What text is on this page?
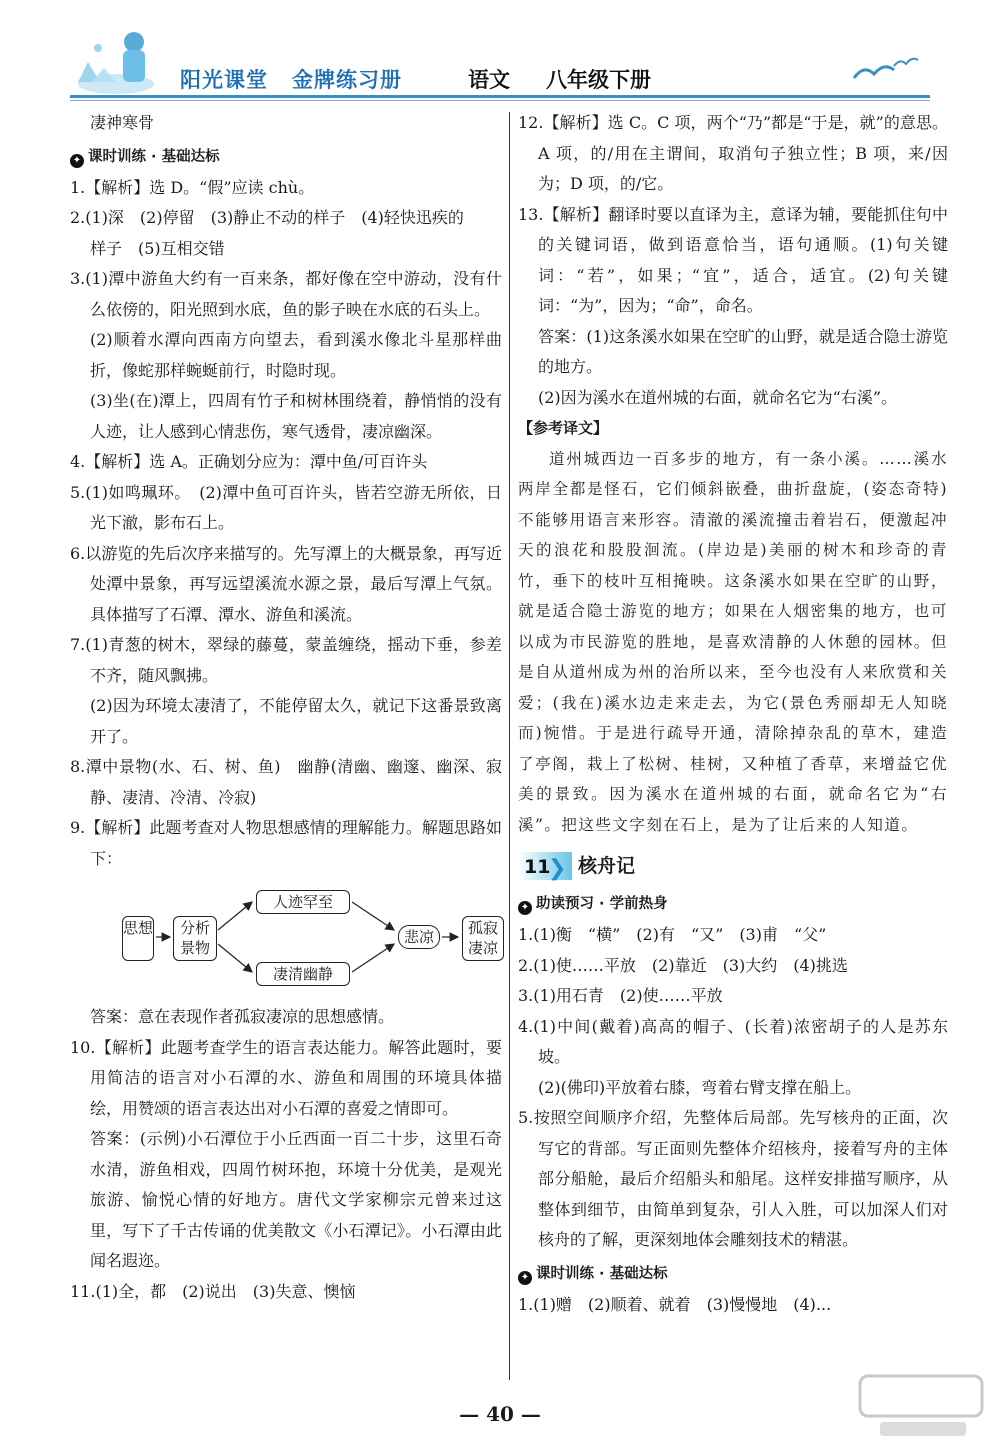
阳光课堂 金牌练习册	语文 八年级下册

凄神寒骨

✦ 课时训练 · 基础达标

1.【解析】选 D。“假”应读 chù。

2.(1)深　(2)停留　(3)静止不动的样子　(4)轻快迅疾的

样子　(5)互相交错

3.(1)潭中游鱼大约有一百来条，都好像在空中游动，没有什么依傍的，阳光照到水底，鱼的影子映在水底的石头上。

(2)顺着水潭向西南方向望去，看到溪水像北斗星那样曲折，像蛇那样蜿蜒前行，时隐时现。

(3)坐(在)潭上，四周有竹子和树林围绕着，静悄悄的没有人迹，让人感到心情悲伤，寒气透骨，凄凉幽深。

4.【解析】选 A。正确划分应为：潭中鱼/可百许头

5.(1)如鸣珮环。　(2)潭中鱼可百许头，皆若空游无所依，日光下澈，影布石上。

6.以游览的先后次序来描写的。先写潭上的大概景象，再写近处潭中景象，再写远望溪流水源之景，最后写潭上气氛。具体描写了石潭、潭水、游鱼和溪流。

7.(1)青葱的树木，翠绿的藤蔓，蒙盖缠绕，摇动下垂，参差不齐，随风飘拂。

(2)因为环境太凄清了，不能停留太久，就记下这番景致离开了。

8.潭中景物(水、石、树、鱼)　幽静(清幽、幽邃、幽深、寂静、凄清、冷清、冷寂)

9.【解析】此题考查对人物思想感情的理解能力。解题思路如下：

思想	分析景物
人迹罕至
凄清幽静
悲凉	孤寂凄凉

答案：意在表现作者孤寂凄凉的思想感情。

10.【解析】此题考查学生的语言表达能力。解答此题时，要用简洁的语言对小石潭的水、游鱼和周围的环境具体描绘，用赞颂的语言表达出对小石潭的喜爱之情即可。

答案：(示例)小石潭位于小丘西面一百二十步，这里石奇水清，游鱼相戏，四周竹树环抱，环境十分优美，是观光旅游、愉悦心情的好地方。唐代文学家柳宗元曾来过这里，写下了千古传诵的优美散文《小石潭记》。小石潭由此闻名遐迩。

11.(1)全，都　(2)说出　(3)失意、懊恼

12.【解析】选 C。C 项，两个“乃”都是“于是，就”的意思。A 项，的/用在主谓间，取消句子独立性；B 项，来/因为；D 项，的/它。

13.【解析】翻译时要以直译为主，意译为辅，要能抓住句中的关键词语，做到语意恰当，语句通顺。(1)句关键词：“若”，如果；“宜”，适合，适宜。(2)句关键词：“为”，因为；“命”，命名。

答案：(1)这条溪水如果在空旷的山野，就是适合隐士游览的地方。

(2)因为溪水在道州城的右面，就命名它为“右溪”。

【参考译文】

道州城西边一百多步的地方，有一条小溪。……溪水两岸全都是怪石，它们倾斜嵌叠，曲折盘旋，(姿态奇特)不能够用语言来形容。清澈的溪流撞击着岩石，便激起冲天的浪花和股股洄流。(岸边是)美丽的树木和珍奇的青竹，垂下的枝叶互相掩映。这条溪水如果在空旷的山野，就是适合隐士游览的地方；如果在人烟密集的地方，也可以成为市民游览的胜地，是喜欢清静的人休憩的园林。但是自从道州成为州的治所以来，至今也没有人来欣赏和关爱；(我在)溪水边走来走去，为它(景色秀丽却无人知晓而)惋惜。于是进行疏导开通，清除掉杂乱的草木，建造了亭阁，栽上了松树、桂树，又种植了香草，来增益它优美的景致。因为溪水在道州城的右面，就命名它为“右溪”。把这些文字刻在石上，是为了让后来的人知道。

11
❯ 核舟记
✦ 助读预习 · 学前热身

1.(1)衡　“横”　(2)有　“又”　(3)甫　“父”

2.(1)使……平放　(2)靠近　(3)大约　(4)挑选

3.(1)用石青　(2)使……平放

4.(1)中间(戴着)高高的帽子、(长着)浓密胡子的人是苏东坡。

(2)(佛印)平放着右膝，弯着右臂支撑在船上。

5.按照空间顺序介绍，先整体后局部。先写核舟的正面，次写它的背部。写正面则先整体介绍核舟，接着写舟的主体部分船舱，最后介绍船头和船尾。这样安排描写顺序，从整体到细节，由简单到复杂，引人入胜，可以加深人们对核舟的了解，更深刻地体会雕刻技术的精湛。

✦ 课时训练 · 基础达标

1.(1)赠　(2)顺着、就着　(3)慢慢地　(4)...

— 40 —
